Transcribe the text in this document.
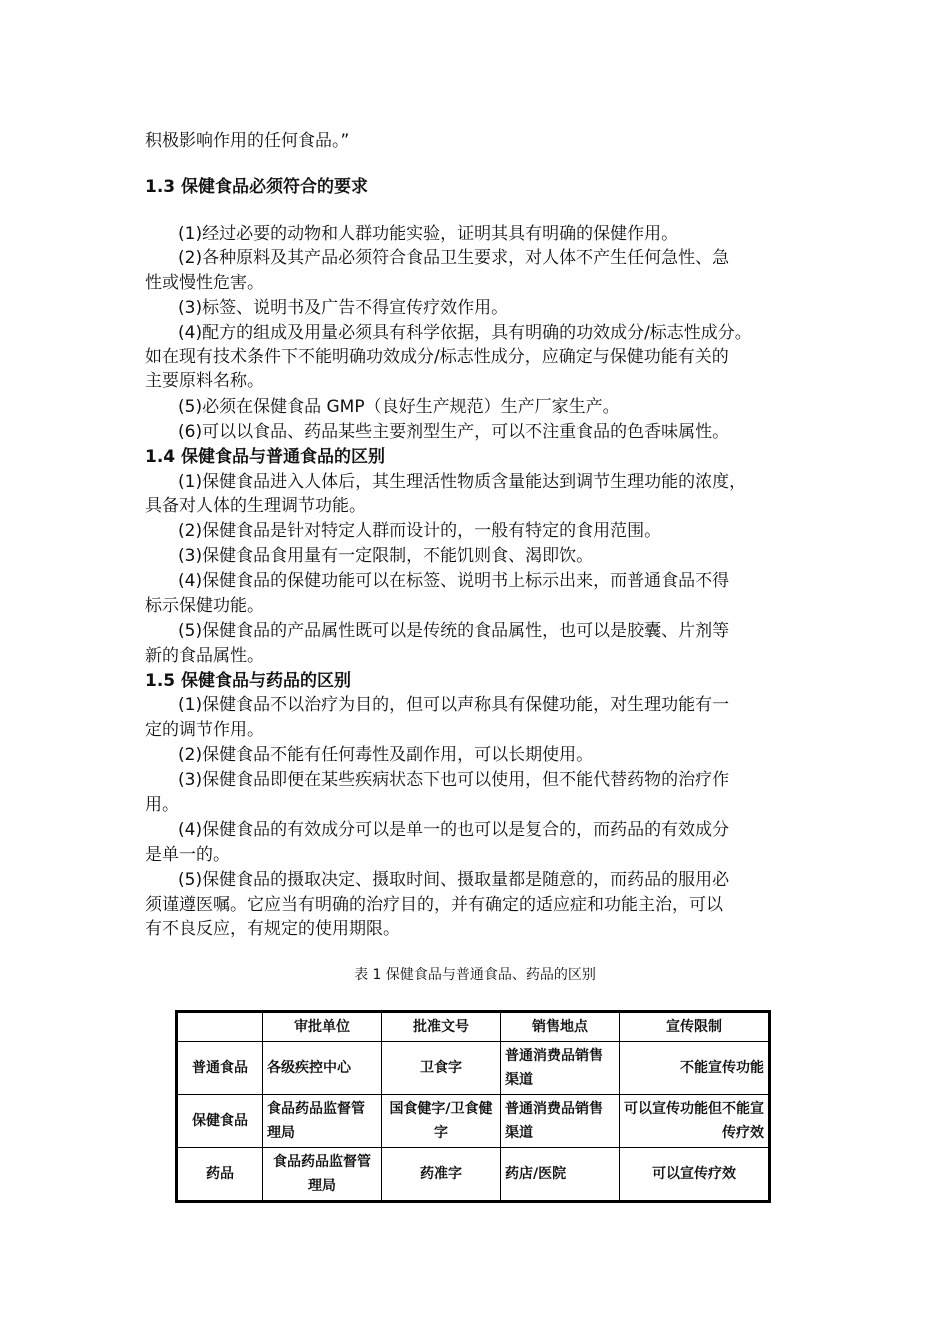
积极影响作用的任何食品。”
1.3 保健食品必须符合的要求
(1)经过必要的动物和人群功能实验，证明其具有明确的保健作用。
(2)各种原料及其产品必须符合食品卫生要求，对人体不产生任何急性、急
性或慢性危害。
(3)标签、说明书及广告不得宣传疗效作用。
(4)配方的组成及用量必须具有科学依据，具有明确的功效成分/标志性成分。
如在现有技术条件下不能明确功效成分/标志性成分，应确定与保健功能有关的
主要原料名称。
(5)必须在保健食品 GMP（良好生产规范）生产厂家生产。
(6)可以以食品、药品某些主要剂型生产，可以不注重食品的色香味属性。
1.4 保健食品与普通食品的区别
(1)保健食品进入人体后，其生理活性物质含量能达到调节生理功能的浓度，
具备对人体的生理调节功能。
(2)保健食品是针对特定人群而设计的，一般有特定的食用范围。
(3)保健食品食用量有一定限制，不能饥则食、渴即饮。
(4)保健食品的保健功能可以在标签、说明书上标示出来，而普通食品不得
标示保健功能。
(5)保健食品的产品属性既可以是传统的食品属性，也可以是胶囊、片剂等
新的食品属性。
1.5 保健食品与药品的区别
(1)保健食品不以治疗为目的，但可以声称具有保健功能，对生理功能有一
定的调节作用。
(2)保健食品不能有任何毒性及副作用，可以长期使用。
(3)保健食品即便在某些疾病状态下也可以使用，但不能代替药物的治疗作
用。
(4)保健食品的有效成分可以是单一的也可以是复合的，而药品的有效成分
是单一的。
(5)保健食品的摄取决定、摄取时间、摄取量都是随意的，而药品的服用必
须谨遵医嘱。它应当有明确的治疗目的，并有确定的适应症和功能主治，可以
有不良反应，有规定的使用期限。
表 1 保健食品与普通食品、药品的区别
	审批单位	批准文号	销售地点	宣传限制
普通食品	各级疾控中心	卫食字	普通消费品销售渠道	不能宣传功能
保健食品	食品药品监督管理局	国食健字/卫食健字	普通消费品销售渠道	可以宣传功能但不能宣传疗效
药品	食品药品监督管理局	药准字	药店/医院	可以宣传疗效
